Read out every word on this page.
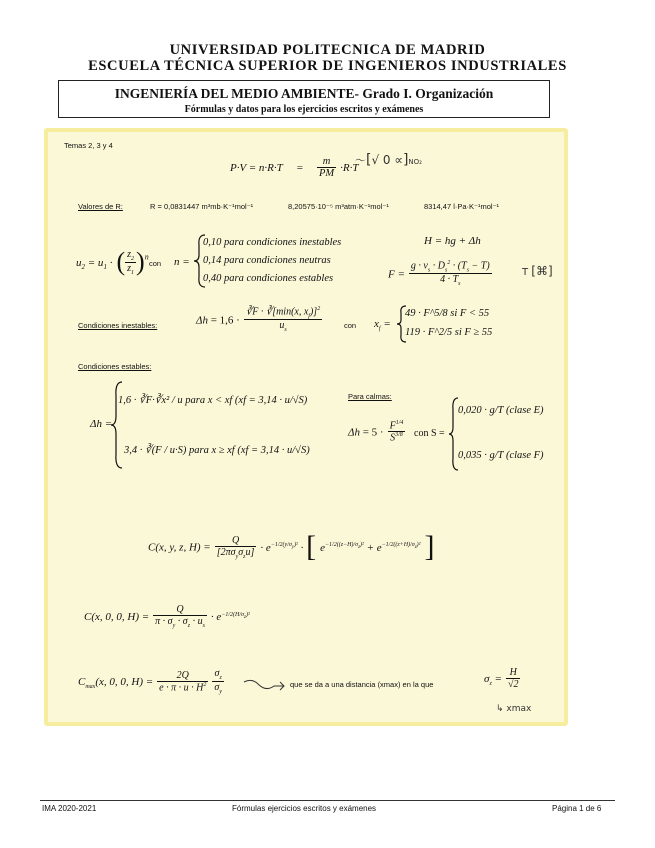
UNIVERSIDAD POLITECNICA DE MADRID
ESCUELA TÉCNICA SUPERIOR DE INGENIEROS INDUSTRIALES
INGENIERÍA DEL MEDIO AMBIENTE- Grado I. Organización
Fórmulas y datos para los ejercicios escritos y exámenes
Temas 2, 3 y 4
$P\cdot V = n\cdot R\cdot T = \frac{m}{PM} \cdot R\cdot T$
〜[√ 0 ∝]NO₂
Valores de R:	R = 0,0831447 m³mb·K⁻¹mol⁻¹	8,20575·10⁻⁵ m³atm·K⁻¹mol⁻¹	8314,47 l·Pa·K⁻¹mol⁻¹
$u_2 = u_1$ · ( $\frac{z_2}{z_1} )^n$
con n =
0,10 para condiciones inestables
0,14 para condiciones neutras
0,40 para condiciones estables
H = hg + Δh
$F = \frac{g \cdot v_s \cdot D_s^2 \cdot (T_s - T)}{4 \cdot T_s}$	T [⌘]
Condiciones inestables:	$\Delta h = 1,6 \cdot \frac{∛F \cdot ∛[\min(x, x_f)]^2}{u_s}$	con $x_f$ =
49 · F^5/8 si F < 55
119 · F^2/5 si F ≥ 55
Condiciones estables:
Δh =
1,6 · ∛F·∛x² / u para x < xf (xf = 3,14 · u/√S)
3,4 · ∛(F / u·S) para x ≥ xf (xf = 3,14 · u/√S)
Para calmas:
$\Delta h = 5 \cdot \frac{F^{1/4}}{S^{3/8}}$ con S =
0,020 · g/T (clase E)
0,035 · g/T (clase F)
C(x, y, z, $H) = \frac{Q}{[2\pi\sigma_y\sigma_zu]} \cdot e^{-1/2(y/\sigma_y)^2}$ · [ $e^{-1/2((z-H)/\sigma_z)^2} + e^{-1/2((z+H)/\sigma_z)^2}$ ]
C(x, 0, 0, $H) = \frac{Q}{\pi \cdot \sigma_y \cdot \sigma_z \cdot u_s} \cdot e^{-1/2(H/\sigma_z)^2}$
$C_{max}(x$, 0, 0, $H) = \frac{2Q}{e \cdot \pi \cdot u \cdot H^2}$
$\frac{\sigma_z}{\sigma_y}$	que se da a una distancia (xmax) en la que	$\sigma_z = \frac{H}{√2}$
↳ xmax
IMA 2020-2021	Fórmulas ejercicios escritos y exámenes	Página 1 de 6
